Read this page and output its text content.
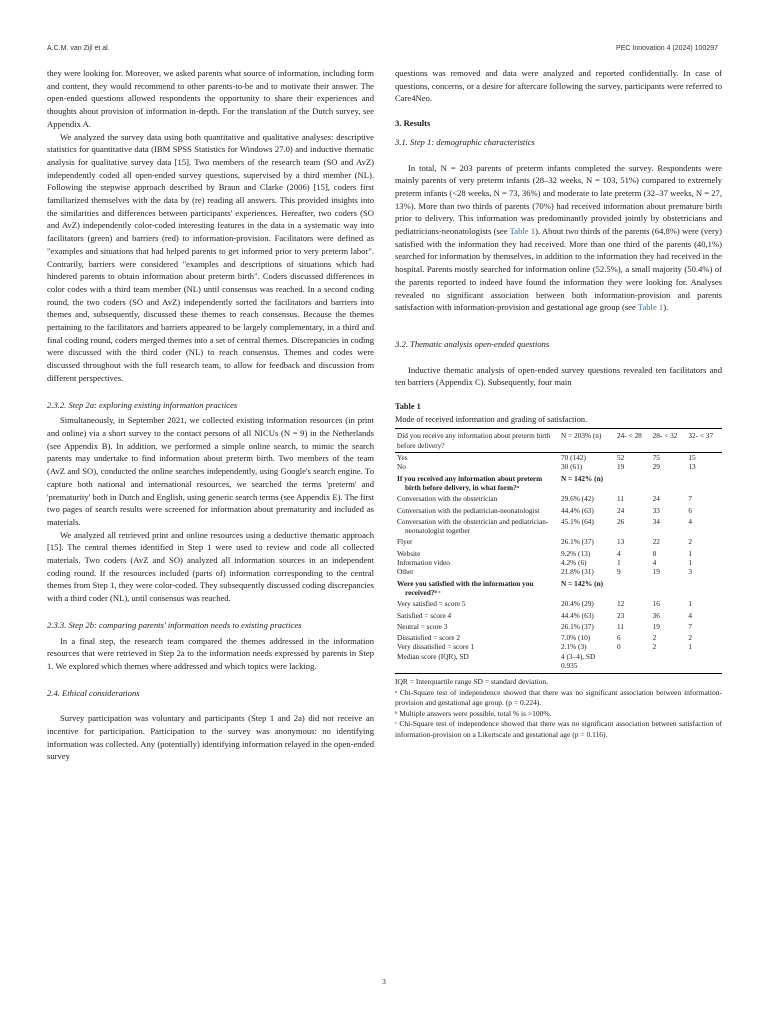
A.C.M. van Zijl et al.	PEC Innovation 4 (2024) 100297

they were looking for. Moreover, we asked parents what source of information, including form and content, they would recommend to other parents-to-be and to motivate their answer. The open-ended questions allowed respondents the opportunity to share their experiences and thoughts about provision of information in-depth. For the translation of the Dutch survey, see Appendix A.

We analyzed the survey data using both quantitative and qualitative analyses: descriptive statistics for quantitative data (IBM SPSS Statistics for Windows 27.0) and inductive thematic analysis for qualitative survey data [15]. Two members of the research team (SO and AvZ) independently coded all open-ended survey questions, supervised by a third member (NL). Following the stepwise approach described by Braun and Clarke (2006) [15], coders first familiarized themselves with the data by (re) reading all answers. This provided insights into the similarities and differences between participants' experiences. Hereafter, two coders (SO and AvZ) independently color-coded interesting features in the data in a systematic way into facilitators (green) and barriers (red) to information-provision. Facilitators were defined as "examples and situations that had helped parents to get informed prior to very preterm labor". Contrarily, barriers were considered "examples and descriptions of situations which had hindered parents to obtain information about preterm birth". Coders discussed differences in color codes with a third team member (NL) until consensus was reached. In a second coding round, the two coders (SO and AvZ) independently sorted the facilitators and barriers into themes and, subsequently, discussed these themes to reach consensus. Because the themes pertaining to the facilitators and barriers appeared to be largely complementary, in a third and final coding round, coders merged themes into a set of central themes. Discrepancies in coding were discussed with the third coder (NL) to reach consensus. Themes and codes were discussed throughout with the full research team, to allow for feedback and discussion from different perspectives.

2.3.2. Step 2a: exploring existing information practices

Simultaneously, in September 2021, we collected existing information resources (in print and online) via a short survey to the contact persons of all NICUs (N = 9) in the Netherlands (see Appendix B). In addition, we performed a simple online search, to mimic the search parents may undertake to find information about preterm birth. Two members of the team (AvZ and SO), conducted the online searches independently, using Google's search engine. To capture both national and international resources, we searched the terms 'preterm' and 'prematurity' both in Dutch and English, using generic search terms (see Appendix E). The first two pages of search results were screened for information about prematurity and included as materials.

We analyzed all retrieved print and online resources using a deductive thematic approach [15]. The central themes identified in Step 1 were used to review and code all collected materials. Two coders (AvZ and SO) analyzed all information sources in an independent coding round. If the resources included (parts of) information corresponding to the central themes from Step 1, they were color-coded. They subsequently discussed coding discrepancies with a third coder (NL), until consensus was reached.

2.3.3. Step 2b: comparing parents' information needs to existing practices

In a final step, the research team compared the themes addressed in the information resources that were retrieved in Step 2a to the information needs expressed by parents in Step 1. We explored which themes where addressed and which topics were lacking.

2.4. Ethical considerations

Survey participation was voluntary and participants (Step 1 and 2a) did not receive an incentive for participation. Participation to the survey was anonymous: no identifying information was collected. Any (potentially) identifying information relayed in the open-ended survey

questions was removed and data were analyzed and reported confidentially. In case of questions, concerns, or a desire for aftercare following the survey, participants were referred to Care4Neo.

3. Results
3.1. Step 1: demographic characteristics

In total, N = 203 parents of preterm infants completed the survey. Respondents were mainly parents of very preterm infants (28–32 weeks, N = 103, 51%) compared to extremely preterm infants (<28 weeks, N = 73, 36%) and moderate to late preterm (32–37 weeks, N = 27, 13%). More than two thirds of parents (70%) had received information about premature birth prior to delivery. This information was predominantly provided jointly by obstetricians and pediatricians-neonatologists (see Table 1). About two thirds of the parents (64,8%) were (very) satisfied with the information they had received. More than one third of the parents (40,1%) searched for information by themselves, in addition to the information they had received in the hospital. Parents mostly searched for information online (52.5%), a small majority (50.4%) of the parents reported to indeed have found the information they were looking for. Analyses revealed no significant association between both information-provision and parents satisfaction with information-provision and gestational age group (see Table 1).

3.2. Thematic analysis open-ended questions

Inductive thematic analysis of open-ended survey questions revealed ten facilitators and ten barriers (Appendix C). Subsequently, four main

Table 1
Mode of received information and grading of satisfaction.
Did you receive any information about preterm birth before delivery?	N = 203% (n)	24- < 28	28- < 32	32- < 37
Yes	70 (142)	52	75	15
No	30 (61)	19	29	13
If you received any information about preterm birth before delivery, in what form?ᵃ	N = 142% (n)			
Conversation with the obstetrician	29.6% (42)	11	24	7
Conversation with the pediatrician-neonatologist	44.4% (63)	24	33	6
Conversation with the obstetrician and pediatrician-neonatologist together	45.1% (64)	26	34	4
Flyer	26.1% (37)	13	22	2
Website	9.2% (13)	4	8	1
Information video	4.2% (6)	1	4	1
Other	21.8% (31)	9	19	3
Were you satisfied with the information you received?ᵇ ᶜ	N = 142% (n)			
Very satisfied = score 5	20.4% (29)	12	16	1
Satisfied = score 4	44.4% (63)	23	36	4
Neutral = score 3	26.1% (37)	11	19	7
Dissatisfied = score 2	7.0% (10)	6	2	2
Very dissatisfied = score 1	2.1% (3)	0	2	1
Median score (IQR), SD	4 (3–4), SD 0.935			
IQR = Interquartile range SD = standard deviation.
ᵃ Chi-Square test of independence showed that there was no significant association between information-provision and gestational age group. (p = 0.224).
ᵇ Multiple answers were possible, total % is >100%.
ᶜ Chi-Square test of independence showed that there was no significant association between satisfaction of information-provision on a Likertscale and gestational age (p = 0.116).
3
